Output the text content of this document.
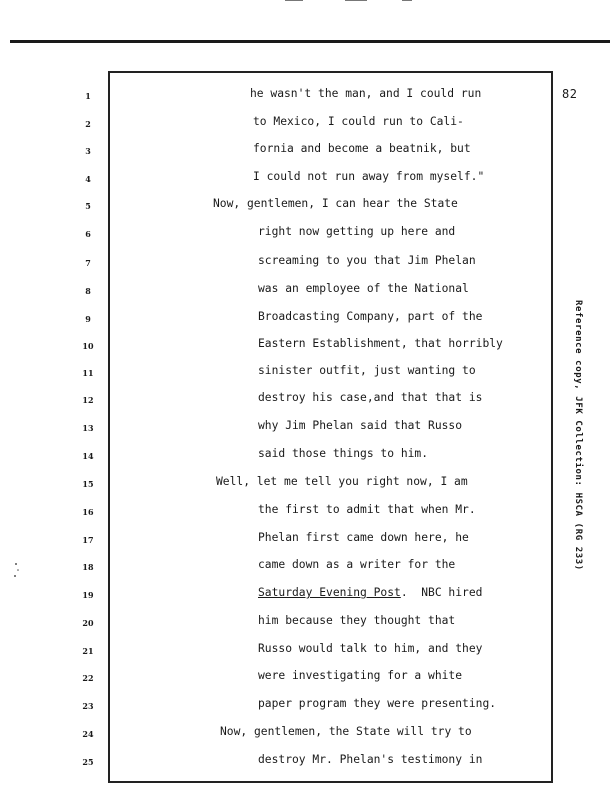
82
1	he wasn't the man, and I could run
2	to Mexico, I could run to Cali-
3	fornia and become a beatnik, but
4	I could not run away from myself."
5	Now, gentlemen, I can hear the State
6	right now getting up here and
7	screaming to you that Jim Phelan
8	was an employee of the National
9	Broadcasting Company, part of the
10	Eastern Establishment, that horribly
11	sinister outfit, just wanting to
12	destroy his case,and that that is
13	why Jim Phelan said that Russo
14	said those things to him.
15	Well, let me tell you right now, I am
16	the first to admit that when Mr.
17	Phelan first came down here, he
18	came down as a writer for the
19	Saturday Evening Post.  NBC hired
20	him because they thought that
21	Russo would talk to him, and they
22	were investigating for a white
23	paper program they were presenting.
24	Now, gentlemen, the State will try to
25	destroy Mr. Phelan's testimony in
Reference copy, JFK Collection: HSCA (RG 233)
